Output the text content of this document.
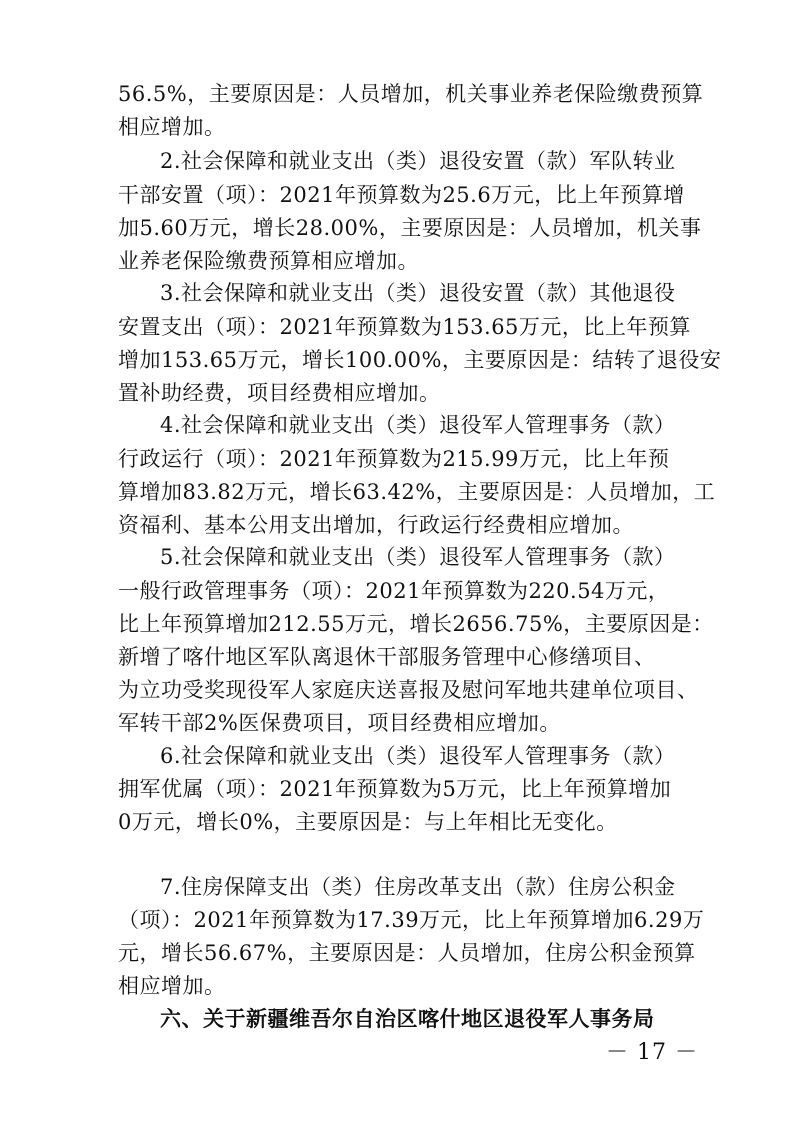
56.5%，主要原因是：人员增加，机关事业养老保险缴费预算
相应增加。
2.社会保障和就业支出（类）退役安置（款）军队转业
干部安置（项）：2021年预算数为25.6万元，比上年预算增
加5.60万元，增长28.00%，主要原因是：人员增加，机关事
业养老保险缴费预算相应增加。
3.社会保障和就业支出（类）退役安置（款）其他退役
安置支出（项）：2021年预算数为153.65万元，比上年预算
增加153.65万元，增长100.00%，主要原因是：结转了退役安
置补助经费，项目经费相应增加。
4.社会保障和就业支出（类）退役军人管理事务（款）
行政运行（项）：2021年预算数为215.99万元，比上年预
算增加83.82万元，增长63.42%，主要原因是：人员增加，工
资福利、基本公用支出增加，行政运行经费相应增加。
5.社会保障和就业支出（类）退役军人管理事务（款）
一般行政管理事务（项）：2021年预算数为220.54万元，
比上年预算增加212.55万元，增长2656.75%，主要原因是：
新增了喀什地区军队离退休干部服务管理中心修缮项目、
为立功受奖现役军人家庭庆送喜报及慰问军地共建单位项目、
军转干部2%医保费项目，项目经费相应增加。
6.社会保障和就业支出（类）退役军人管理事务（款）
拥军优属（项）：2021年预算数为5万元，比上年预算增加
0万元，增长0%，主要原因是：与上年相比无变化。
7.住房保障支出（类）住房改革支出（款）住房公积金
（项）：2021年预算数为17.39万元，比上年预算增加6.29万
元，增长56.67%，主要原因是：人员增加，住房公积金预算
相应增加。
六、关于新疆维吾尔自治区喀什地区退役军人事务局
－ 17 －
